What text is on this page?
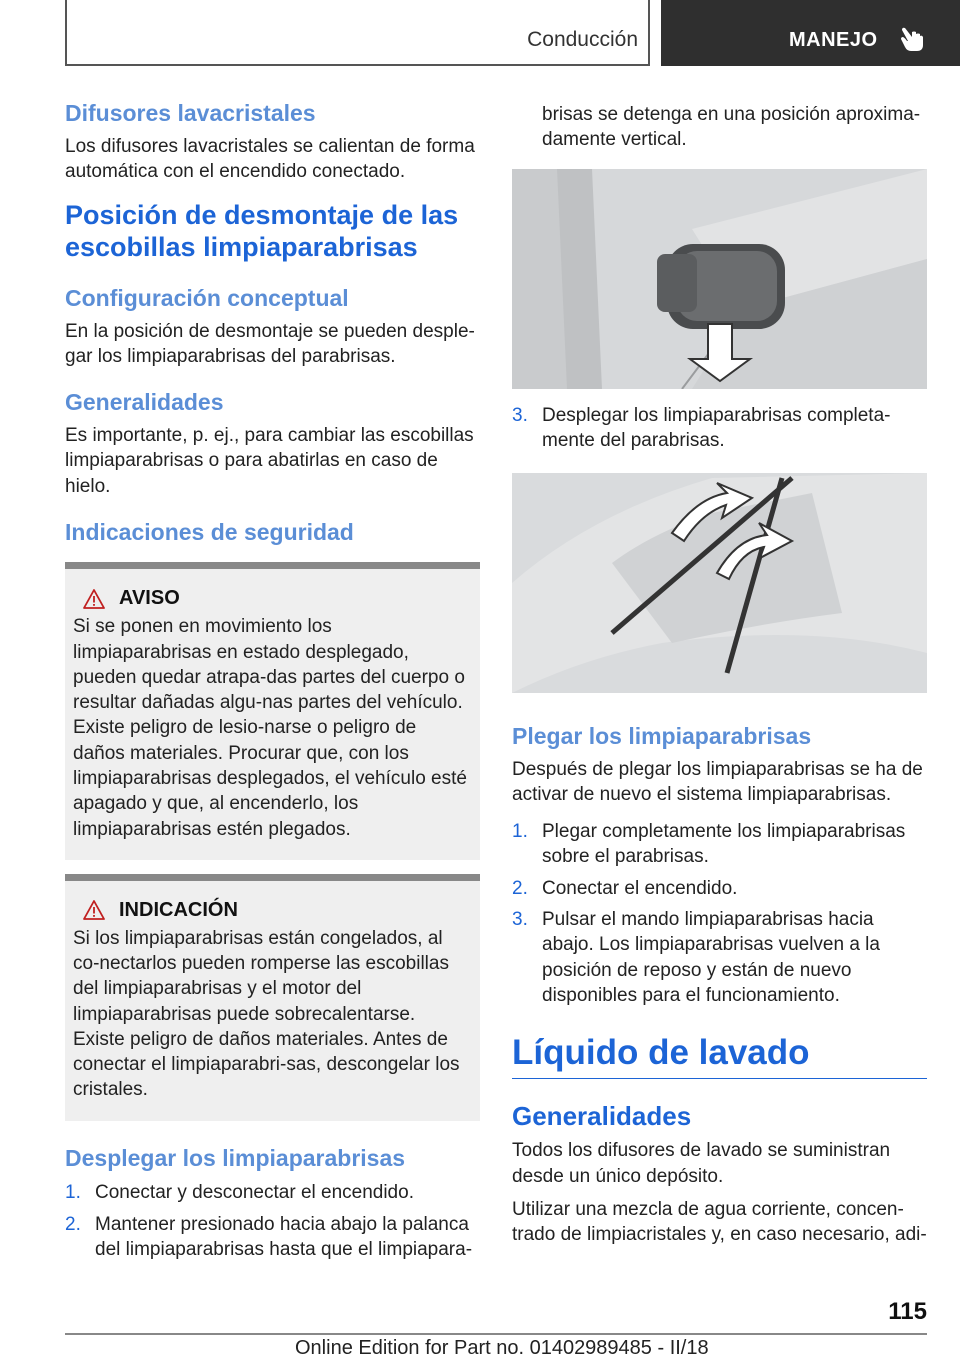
Conducción	MANEJO
Difusores lavacristales
Los difusores lavacristales se calientan de forma automática con el encendido conectado.
Posición de desmontaje de las escobillas limpiaparabrisas
Configuración conceptual
En la posición de desmontaje se pueden desple-gar los limpiaparabrisas del parabrisas.
Generalidades
Es importante, p. ej., para cambiar las escobillas limpiaparabrisas o para abatirlas en caso de hielo.
Indicaciones de seguridad
AVISO
Si se ponen en movimiento los limpiaparabrisas en estado desplegado, pueden quedar atrapa-das partes del cuerpo o resultar dañadas algu-nas partes del vehículo. Existe peligro de lesio-narse o peligro de daños materiales. Procurar que, con los limpiaparabrisas desplegados, el vehículo esté apagado y que, al encenderlo, los limpiaparabrisas estén plegados.
INDICACIÓN
Si los limpiaparabrisas están congelados, al co-nectarlos pueden romperse las escobillas del limpiaparabrisas y el motor del limpiaparabrisas puede sobrecalentarse. Existe peligro de daños materiales. Antes de conectar el limpiaparabri-sas, descongelar los cristales.
Desplegar los limpiaparabrisas
1. Conectar y desconectar el encendido.
2. Mantener presionado hacia abajo la palanca del limpiaparabrisas hasta que el limpiapara-
brisas se detenga en una posición aproxima-damente vertical.
3. Desplegar los limpiaparabrisas completa-mente del parabrisas.
Plegar los limpiaparabrisas
Después de plegar los limpiaparabrisas se ha de activar de nuevo el sistema limpiaparabrisas.
1. Plegar completamente los limpiaparabrisas sobre el parabrisas.
2. Conectar el encendido.
3. Pulsar el mando limpiaparabrisas hacia abajo. Los limpiaparabrisas vuelven a la posición de reposo y están de nuevo disponibles para el funcionamiento.
Líquido de lavado
Generalidades
Todos los difusores de lavado se suministran desde un único depósito.
Utilizar una mezcla de agua corriente, concen-trado de limpiacristales y, en caso necesario, adi-
115
Online Edition for Part no. 01402989485 - II/18
